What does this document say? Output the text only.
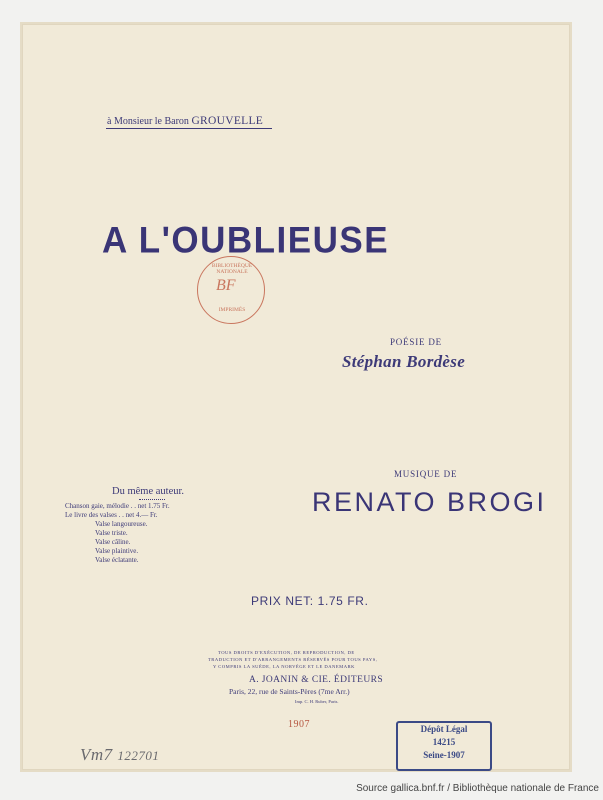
à Monsieur le Baron GROUVELLE
A L'OUBLIEUSE
BIBLIOTHÈQUE NATIONALE
BF
IMPRIMÉS
POÉSIE DE
Stéphan Bordèse
MUSIQUE DE
RENATO BROGI
Du même auteur.
Chanson gaie, mélodie . . net 1.75 Fr.
Le livre des valses . . net 4.— Fr.
Valse langoureuse.
Valse triste.
Valse câline.
Valse plaintive.
Valse éclatante.
PRIX NET: 1.75 FR.
TOUS DROITS D'EXÉCUTION, DE REPRODUCTION, DE
TRADUCTION ET D'ARRANGEMENTS RÉSERVÉS POUR TOUS PAYS,
Y COMPRIS LA SUÈDE, LA NORVÈGE ET LE DANEMARK
A. JOANIN & CIE. ÉDITEURS
Paris, 22, rue de Saints-Pères (7me Arr.)
Imp. C. H. Ruber, Paris.
1907	Dépôt Légal
14215
Seine-1907
Vm7 122701
Source gallica.bnf.fr / Bibliothèque nationale de France
